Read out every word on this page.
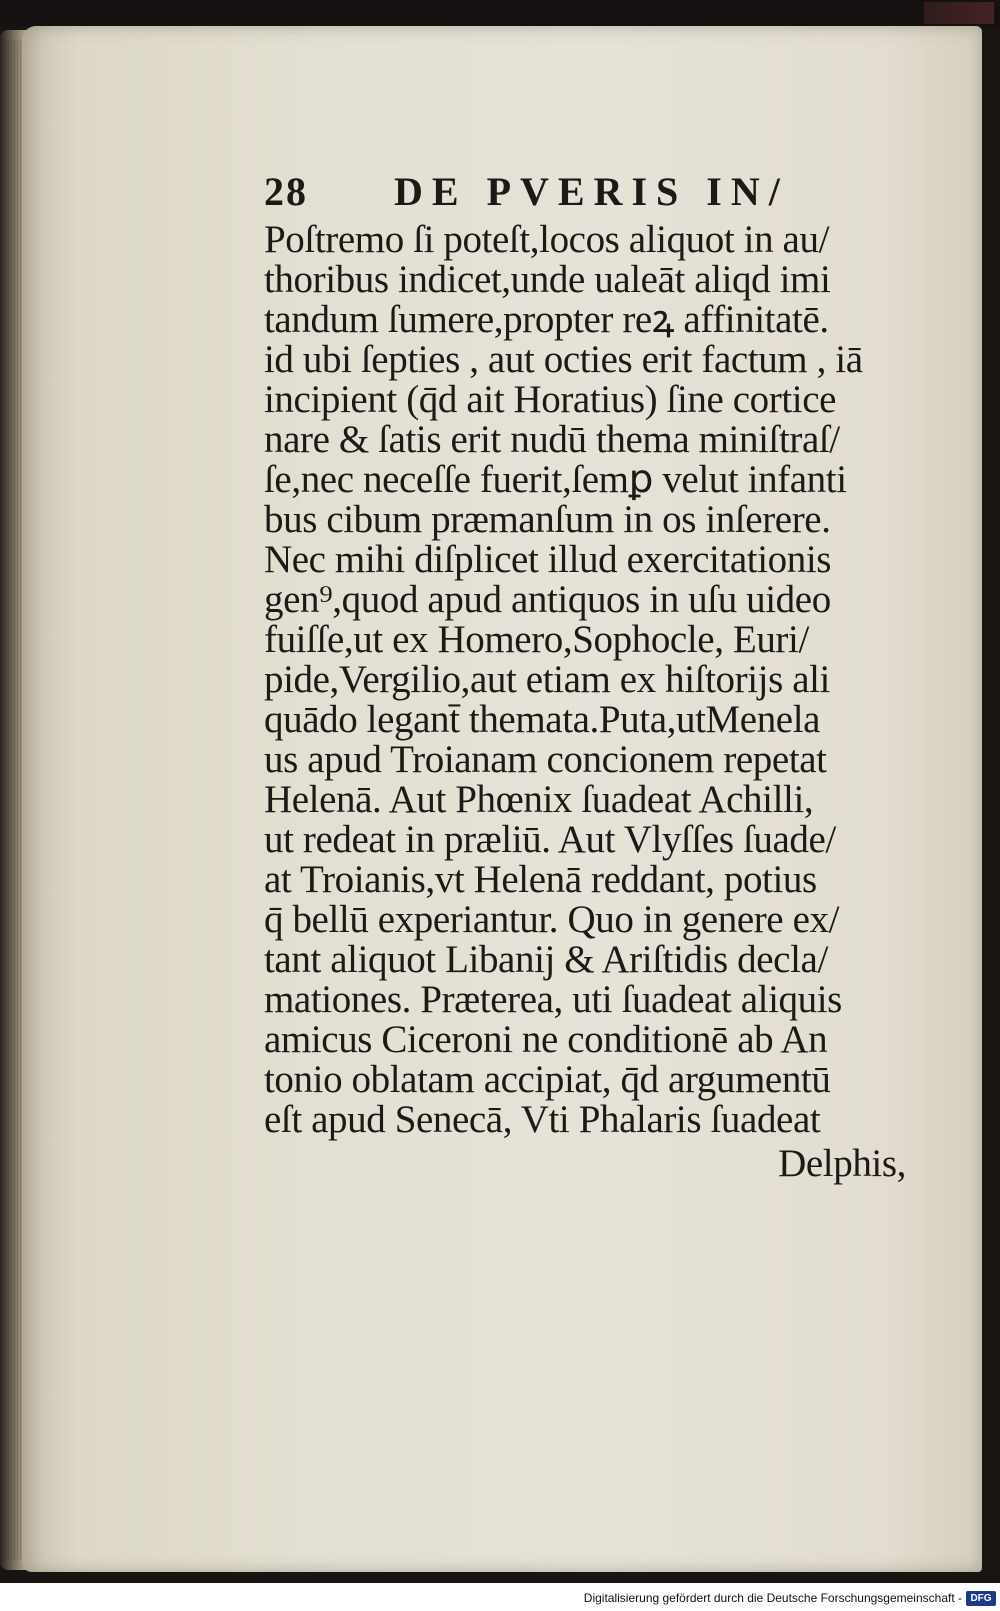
28	DE PVERIS IN/
Poſtremo ſi poteſt,locos aliquot in au/
thoribus indicet,unde ualeāt aliqd imi
tandum ſumere,propter reꝝ affinitatē.
id ubi ſepties , aut octies erit factum , iā
incipient (q̄d ait Horatius) ſine cortice
nare & ſatis erit nudū thema miniſtraſ/
ſe,nec neceſſe fuerit,ſemꝑ velut infanti
bus cibum præmanſum in os inſerere.
Nec mihi diſplicet illud exercitationis
gen⁹,quod apud antiquos in uſu uideo
fuiſſe,ut ex Homero,Sophocle, Euri/
pide,Vergilio,aut etiam ex hiſtorijs ali
quādo legant̄ themata.Puta,utMenela
us apud Troianam concionem repetat
Helenā. Aut Phœnix ſuadeat Achilli,
ut redeat in præliū. Aut Vlyſſes ſuade/
at Troianis,vt Helenā reddant, potius
q̄ bellū experiantur. Quo in genere ex/
tant aliquot Libanij & Ariſtidis decla/
mationes. Præterea, uti ſuadeat aliquis
amicus Ciceroni ne conditionē ab An
tonio oblatam accipiat, q̄d argumentū
eſt apud Senecā, Vti Phalaris ſuadeat
Delphis,
Digitalisierung gefördert durch die Deutsche Forschungsgemeinschaft - DFG
